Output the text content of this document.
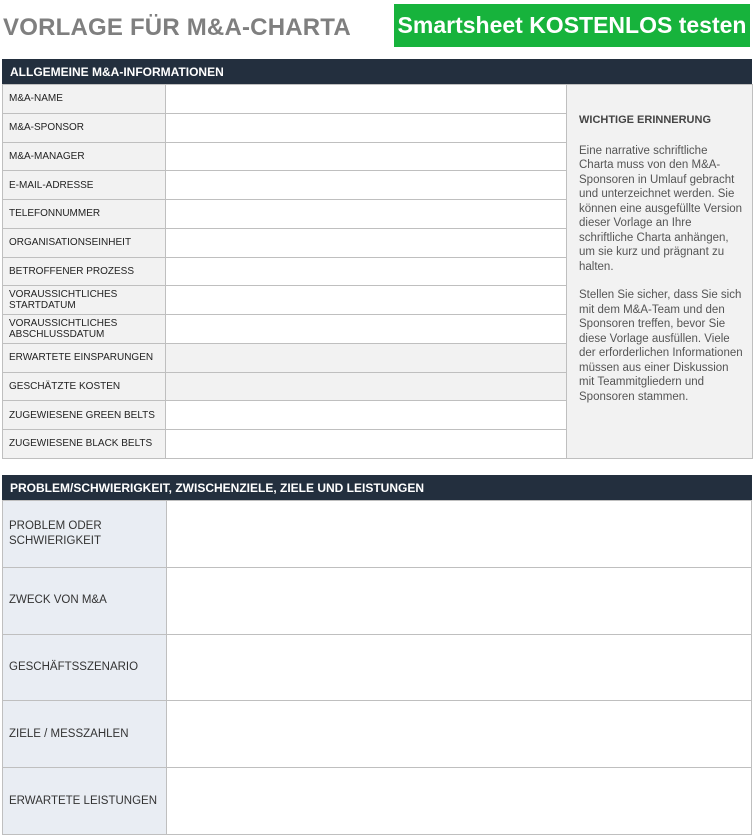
VORLAGE FÜR M&A-CHARTA Smartsheet KOSTENLOS testen
ALLGEMEINE M&A-INFORMATIONEN
M&A-NAME		WICHTIGE ERINNERUNG

Eine narrative schriftliche Charta muss von den M&A-Sponsoren in Umlauf gebracht und unterzeichnet werden. Sie können eine ausgefüllte Version dieser Vorlage an Ihre schriftliche Charta anhängen, um sie kurz und prägnant zu halten.

Stellen Sie sicher, dass Sie sich mit dem M&A-Team und den Sponsoren treffen, bevor Sie diese Vorlage ausfüllen. Viele der erforderlichen Informationen müssen aus einer Diskussion mit Teammitgliedern und Sponsoren stammen.

M&A-SPONSOR		
M&A-MANAGER		
E-MAIL-ADRESSE		
TELEFONNUMMER		
ORGANISATIONSEINHEIT		
BETROFFENER PROZESS		
VORAUSSICHTLICHES STARTDATUM		
VORAUSSICHTLICHES ABSCHLUSSDATUM		
ERWARTETE EINSPARUNGEN		
GESCHÄTZTE KOSTEN		
ZUGEWIESENE GREEN BELTS		
ZUGEWIESENE BLACK BELTS		
PROBLEM/SCHWIERIGKEIT, ZWISCHENZIELE, ZIELE UND LEISTUNGEN
PROBLEM ODER SCHWIERIGKEIT	
ZWECK VON M&A	
GESCHÄFTSSZENARIO	
ZIELE / MESSZAHLEN	
ERWARTETE LEISTUNGEN	
